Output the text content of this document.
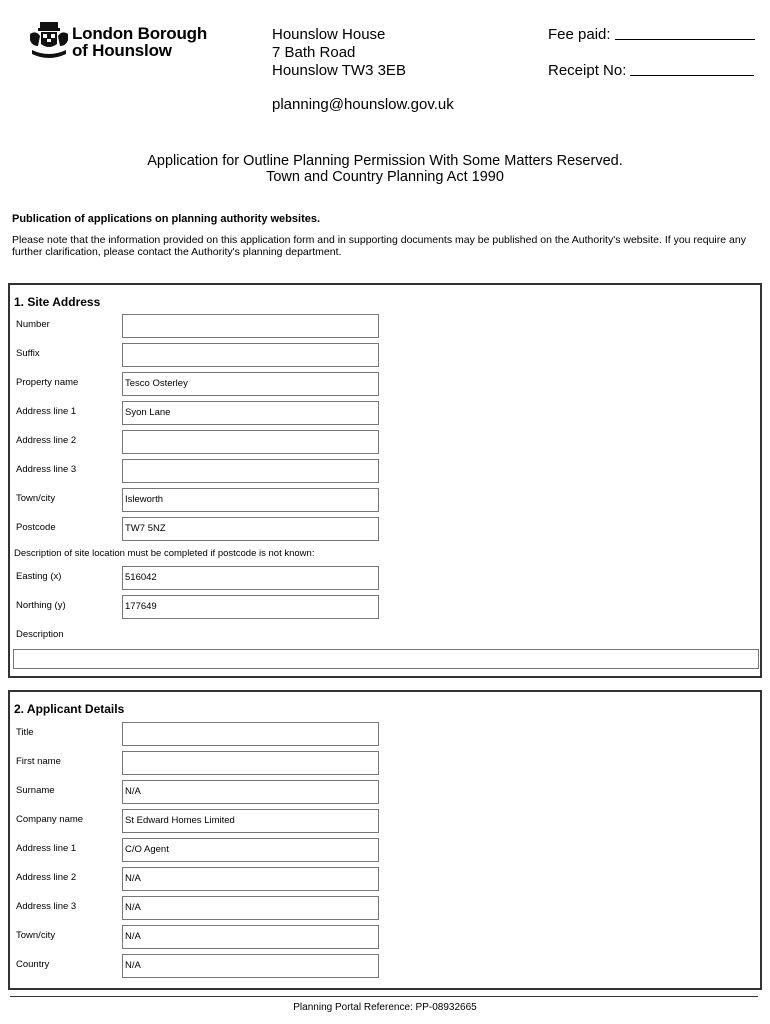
London Borough
of Hounslow
Hounslow House
7 Bath Road
Hounslow TW3 3EB
planning@hounslow.gov.uk
Fee paid:
Receipt No:
Application for Outline Planning Permission With Some Matters Reserved.
Town and Country Planning Act 1990
Publication of applications on planning authority websites.
Please note that the information provided on this application form and in supporting documents may be published on the Authority's website. If you require any further clarification, please contact the Authority's planning department.
1. Site Address
Number
Suffix
Property name	Tesco Osterley
Address line 1	Syon Lane
Address line 2
Address line 3
Town/city	Isleworth
Postcode	TW7 5NZ
Description of site location must be completed if postcode is not known:
Easting (x)	516042
Northing (y)	177649
Description
2. Applicant Details
Title
First name
Surname	N/A
Company name	St Edward Homes Limited
Address line 1	C/O Agent
Address line 2	N/A
Address line 3	N/A
Town/city	N/A
Country	N/A
Planning Portal Reference: PP-08932665
